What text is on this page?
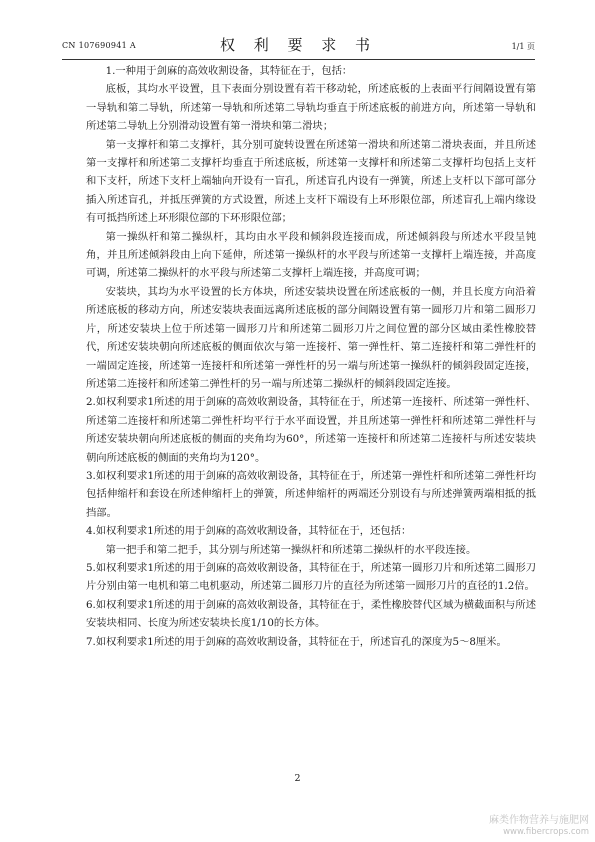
CN 107690941 A	权 利 要 求 书	1/1 页

1.一种用于剑麻的高效收割设备，其特征在于，包括：

底板，其均水平设置，且下表面分别设置有若干移动轮，所述底板的上表面平行间隔设置有第一导轨和第二导轨，所述第一导轨和所述第二导轨均垂直于所述底板的前进方向，所述第一导轨和所述第二导轨上分别滑动设置有第一滑块和第二滑块；

第一支撑杆和第二支撑杆，其分别可旋转设置在所述第一滑块和所述第二滑块表面，并且所述第一支撑杆和所述第二支撑杆均垂直于所述底板，所述第一支撑杆和所述第二支撑杆均包括上支杆和下支杆，所述下支杆上端轴向开设有一盲孔，所述盲孔内设有一弹簧，所述上支杆以下部可部分插入所述盲孔，并抵压弹簧的方式设置，所述上支杆下端设有上环形限位部，所述盲孔上端内缘设有可抵挡所述上环形限位部的下环形限位部；

第一操纵杆和第二操纵杆，其均由水平段和倾斜段连接而成，所述倾斜段与所述水平段呈钝角，并且所述倾斜段由上向下延伸，所述第一操纵杆的水平段与所述第一支撑杆上端连接，并高度可调，所述第二操纵杆的水平段与所述第二支撑杆上端连接，并高度可调；

安装块，其均为水平设置的长方体块，所述安装块设置在所述底板的一侧，并且长度方向沿着所述底板的移动方向，所述安装块表面远离所述底板的部分间隔设置有第一圆形刀片和第二圆形刀片，所述安装块上位于所述第一圆形刀片和所述第二圆形刀片之间位置的部分区域由柔性橡胶替代，所述安装块朝向所述底板的侧面依次与第一连接杆、第一弹性杆、第二连接杆和第二弹性杆的一端固定连接，所述第一连接杆和所述第一弹性杆的另一端与所述第一操纵杆的倾斜段固定连接，所述第二连接杆和所述第二弹性杆的另一端与所述第二操纵杆的倾斜段固定连接。

2.如权利要求1所述的用于剑麻的高效收割设备，其特征在于，所述第一连接杆、所述第一弹性杆、所述第二连接杆和所述第二弹性杆均平行于水平面设置，并且所述第一弹性杆和所述第二弹性杆与所述安装块朝向所述底板的侧面的夹角均为60°，所述第一连接杆和所述第二连接杆与所述安装块朝向所述底板的侧面的夹角均为120°。

3.如权利要求1所述的用于剑麻的高效收割设备，其特征在于，所述第一弹性杆和所述第二弹性杆均包括伸缩杆和套设在所述伸缩杆上的弹簧，所述伸缩杆的两端还分别设有与所述弹簧两端相抵的抵挡部。

4.如权利要求1所述的用于剑麻的高效收割设备，其特征在于，还包括：

第一把手和第二把手，其分别与所述第一操纵杆和所述第二操纵杆的水平段连接。

5.如权利要求1所述的用于剑麻的高效收割设备，其特征在于，所述第一圆形刀片和所述第二圆形刀片分别由第一电机和第二电机驱动，所述第二圆形刀片的直径为所述第一圆形刀片的直径的1.2倍。

6.如权利要求1所述的用于剑麻的高效收割设备，其特征在于，柔性橡胶替代区域为横截面积与所述安装块相同、长度为所述安装块长度1/10的长方体。

7.如权利要求1所述的用于剑麻的高效收割设备，其特征在于，所述盲孔的深度为5～8厘米。

2
麻类作物营养与施肥网
www.fibercrops.com
